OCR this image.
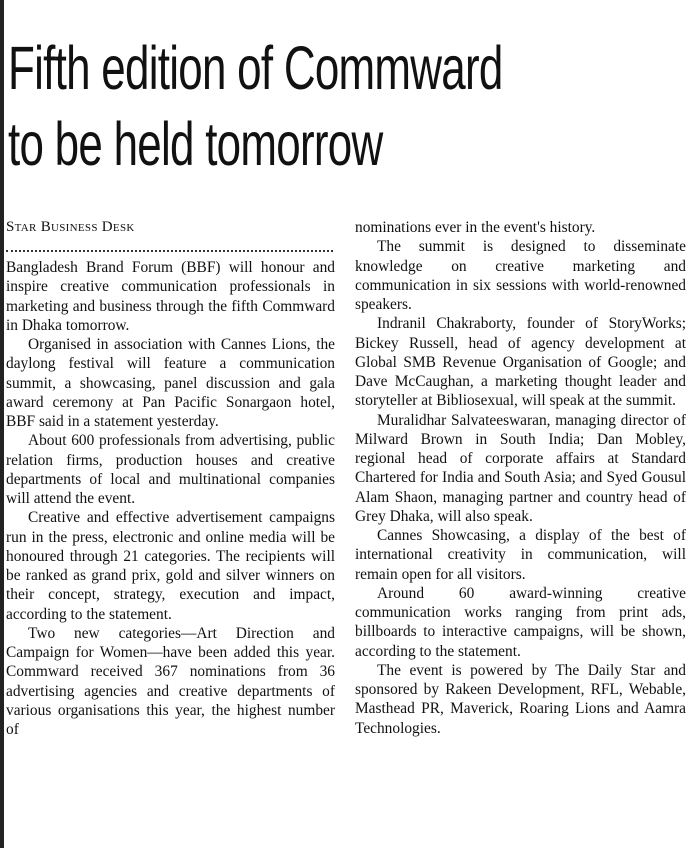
Fifth edition of Commward
to be held tomorrow
Star Business Desk

Bangladesh Brand Forum (BBF) will honour and inspire creative communication professionals in marketing and business through the fifth Commward in Dhaka tomorrow.

Organised in association with Cannes Lions, the daylong festival will feature a communication summit, a showcasing, panel discussion and gala award ceremony at Pan Pacific Sonargaon hotel, BBF said in a statement yesterday.

About 600 professionals from advertising, public relation firms, production houses and creative departments of local and multinational companies will attend the event.

Creative and effective advertisement campaigns run in the press, electronic and online media will be honoured through 21 categories. The recipients will be ranked as grand prix, gold and silver winners on their concept, strategy, execution and impact, according to the statement.

Two new categories—Art Direction and Campaign for Women—have been added this year. Commward received 367 nominations from 36 advertising agencies and creative departments of various organisations this year, the highest number of

nominations ever in the event's history.

The summit is designed to disseminate knowledge on creative marketing and communication in six sessions with world-renowned speakers.

Indranil Chakraborty, founder of StoryWorks; Bickey Russell, head of agency development at Global SMB Revenue Organisation of Google; and Dave McCaughan, a marketing thought leader and storyteller at Bibliosexual, will speak at the summit.

Muralidhar Salvateeswaran, managing director of Milward Brown in South India; Dan Mobley, regional head of corporate affairs at Standard Chartered for India and South Asia; and Syed Gousul Alam Shaon, managing partner and country head of Grey Dhaka, will also speak.

Cannes Showcasing, a display of the best of international creativity in communication, will remain open for all visitors.

Around 60 award-winning creative communication works ranging from print ads, billboards to interactive campaigns, will be shown, according to the statement.

The event is powered by The Daily Star and sponsored by Rakeen Development, RFL, Webable, Masthead PR, Maverick, Roaring Lions and Aamra Technologies.
